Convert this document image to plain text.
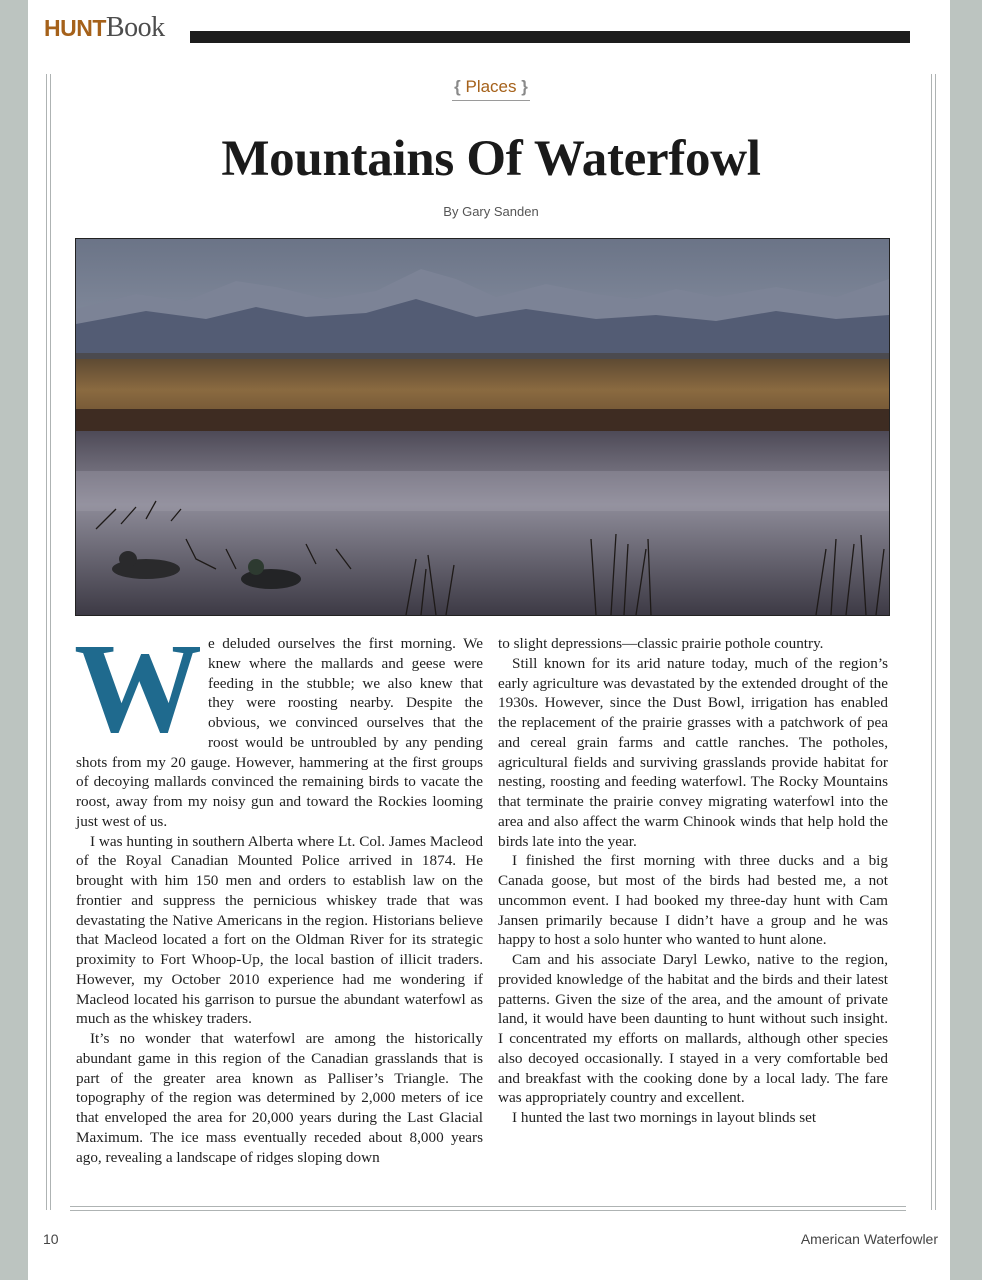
HUNT Book
{ Places }
Mountains Of Waterfowl
By Gary Sanden

We deluded ourselves the first morning. We knew where the mallards and geese were feeding in the stubble; we also knew that they were roosting nearby. Despite the obvious, we convinced ourselves that the roost would be untroubled by any pending shots from my 20 gauge. However, hammering at the first groups of decoying mallards convinced the remaining birds to vacate the roost, away from my noisy gun and toward the Rockies looming just west of us.

I was hunting in southern Alberta where Lt. Col. James Macleod of the Royal Canadian Mounted Police arrived in 1874. He brought with him 150 men and orders to establish law on the frontier and suppress the pernicious whiskey trade that was devastating the Native Americans in the region. Historians believe that Macleod located a fort on the Oldman River for its strategic proximity to Fort Whoop-Up, the local bastion of illicit traders. However, my October 2010 experience had me wondering if Macleod located his garrison to pursue the abundant waterfowl as much as the whiskey traders.

It’s no wonder that waterfowl are among the historically abundant game in this region of the Canadian grasslands that is part of the greater area known as Palliser’s Triangle. The topography of the region was determined by 2,000 meters of ice that enveloped the area for 20,000 years during the Last Glacial Maximum. The ice mass eventually receded about 8,000 years ago, revealing a landscape of ridges sloping down

to slight depressions—classic prairie pothole country.

Still known for its arid nature today, much of the region’s early agriculture was devastated by the extended drought of the 1930s. However, since the Dust Bowl, irrigation has enabled the replacement of the prairie grasses with a patchwork of pea and cereal grain farms and cattle ranches. The potholes, agricultural fields and surviving grasslands provide habitat for nesting, roosting and feeding waterfowl. The Rocky Mountains that terminate the prairie convey migrating waterfowl into the area and also affect the warm Chinook winds that help hold the birds late into the year.

I finished the first morning with three ducks and a big Canada goose, but most of the birds had bested me, a not uncommon event. I had booked my three-day hunt with Cam Jansen primarily because I didn’t have a group and he was happy to host a solo hunter who wanted to hunt alone.

Cam and his associate Daryl Lewko, native to the region, provided knowledge of the habitat and the birds and their latest patterns. Given the size of the area, and the amount of private land, it would have been daunting to hunt without such insight. I concentrated my efforts on mallards, although other species also decoyed occasionally. I stayed in a very comfortable bed and breakfast with the cooking done by a local lady. The fare was appropriately country and excellent.

I hunted the last two mornings in layout blinds set

10	American Waterfowler
